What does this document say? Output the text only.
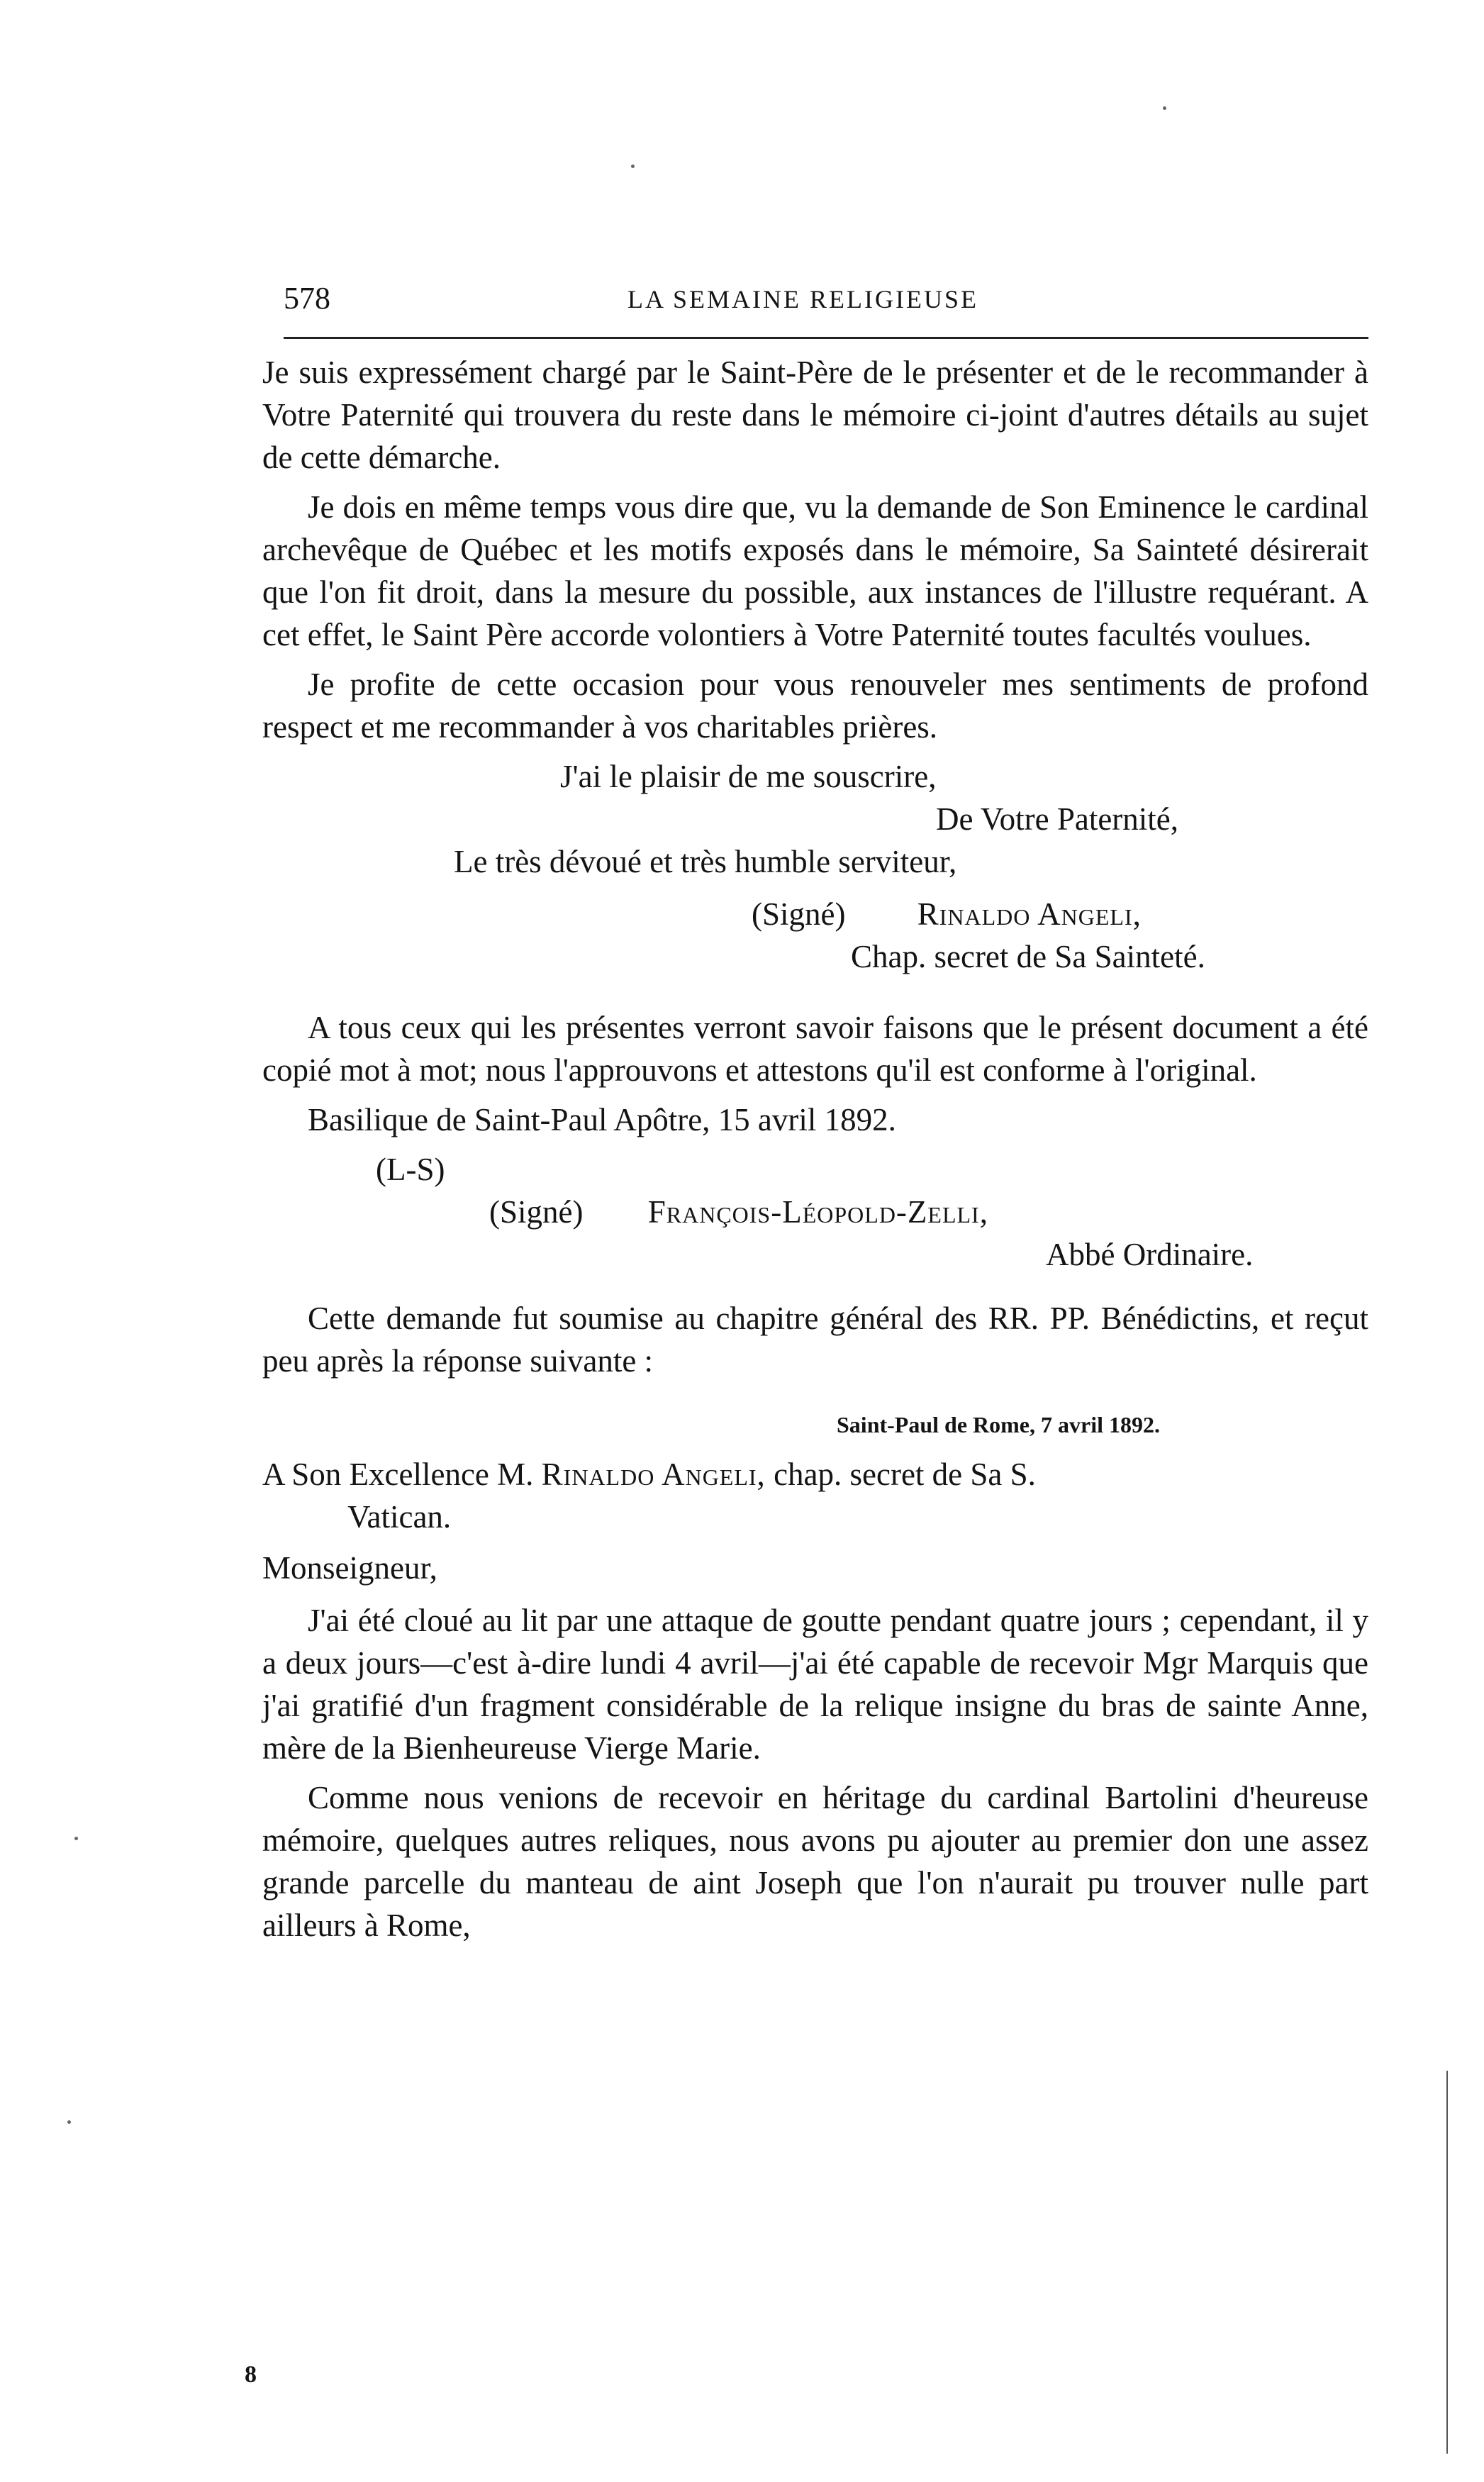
578	LA SEMAINE RELIGIEUSE

Je suis expressément chargé par le Saint-Père de le présenter et de le recommander à Votre Paternité qui trouvera du reste dans le mémoire ci-joint d'autres détails au sujet de cette démarche.

Je dois en même temps vous dire que, vu la demande de Son Eminence le cardinal archevêque de Québec et les motifs exposés dans le mémoire, Sa Sainteté désirerait que l'on fit droit, dans la mesure du possible, aux instances de l'illustre requérant. A cet effet, le Saint Père accorde volontiers à Votre Paternité toutes facultés voulues.

Je profite de cette occasion pour vous renouveler mes sentiments de profond respect et me recommander à vos charitables prières.

J'ai le plaisir de me souscrire,
De Votre Paternité,
Le très dévoué et très humble serviteur,
(Signé) Rinaldo Angeli,
Chap. secret de Sa Sainteté.

A tous ceux qui les présentes verront savoir faisons que le présent document a été copié mot à mot; nous l'approuvons et attestons qu'il est conforme à l'original.

Basilique de Saint-Paul Apôtre, 15 avril 1892.

(L-S)
(Signé) François-Léopold-Zelli,
Abbé Ordinaire.

Cette demande fut soumise au chapitre général des RR. PP. Bénédictins, et reçut peu après la réponse suivante :

Saint-Paul de Rome, 7 avril 1892.
A Son Excellence M. Rinaldo Angeli, chap. secret de Sa S.
Vatican.
Monseigneur,

J'ai été cloué au lit par une attaque de goutte pendant quatre jours ; cependant, il y a deux jours—c'est à-dire lundi 4 avril—j'ai été capable de recevoir Mgr Marquis que j'ai gratifié d'un fragment considérable de la relique insigne du bras de sainte Anne, mère de la Bienheureuse Vierge Marie.

Comme nous venions de recevoir en héritage du cardinal Bartolini d'heureuse mémoire, quelques autres reliques, nous avons pu ajouter au premier don une assez grande parcelle du manteau de aint Joseph que l'on n'aurait pu trouver nulle part ailleurs à Rome,

8
